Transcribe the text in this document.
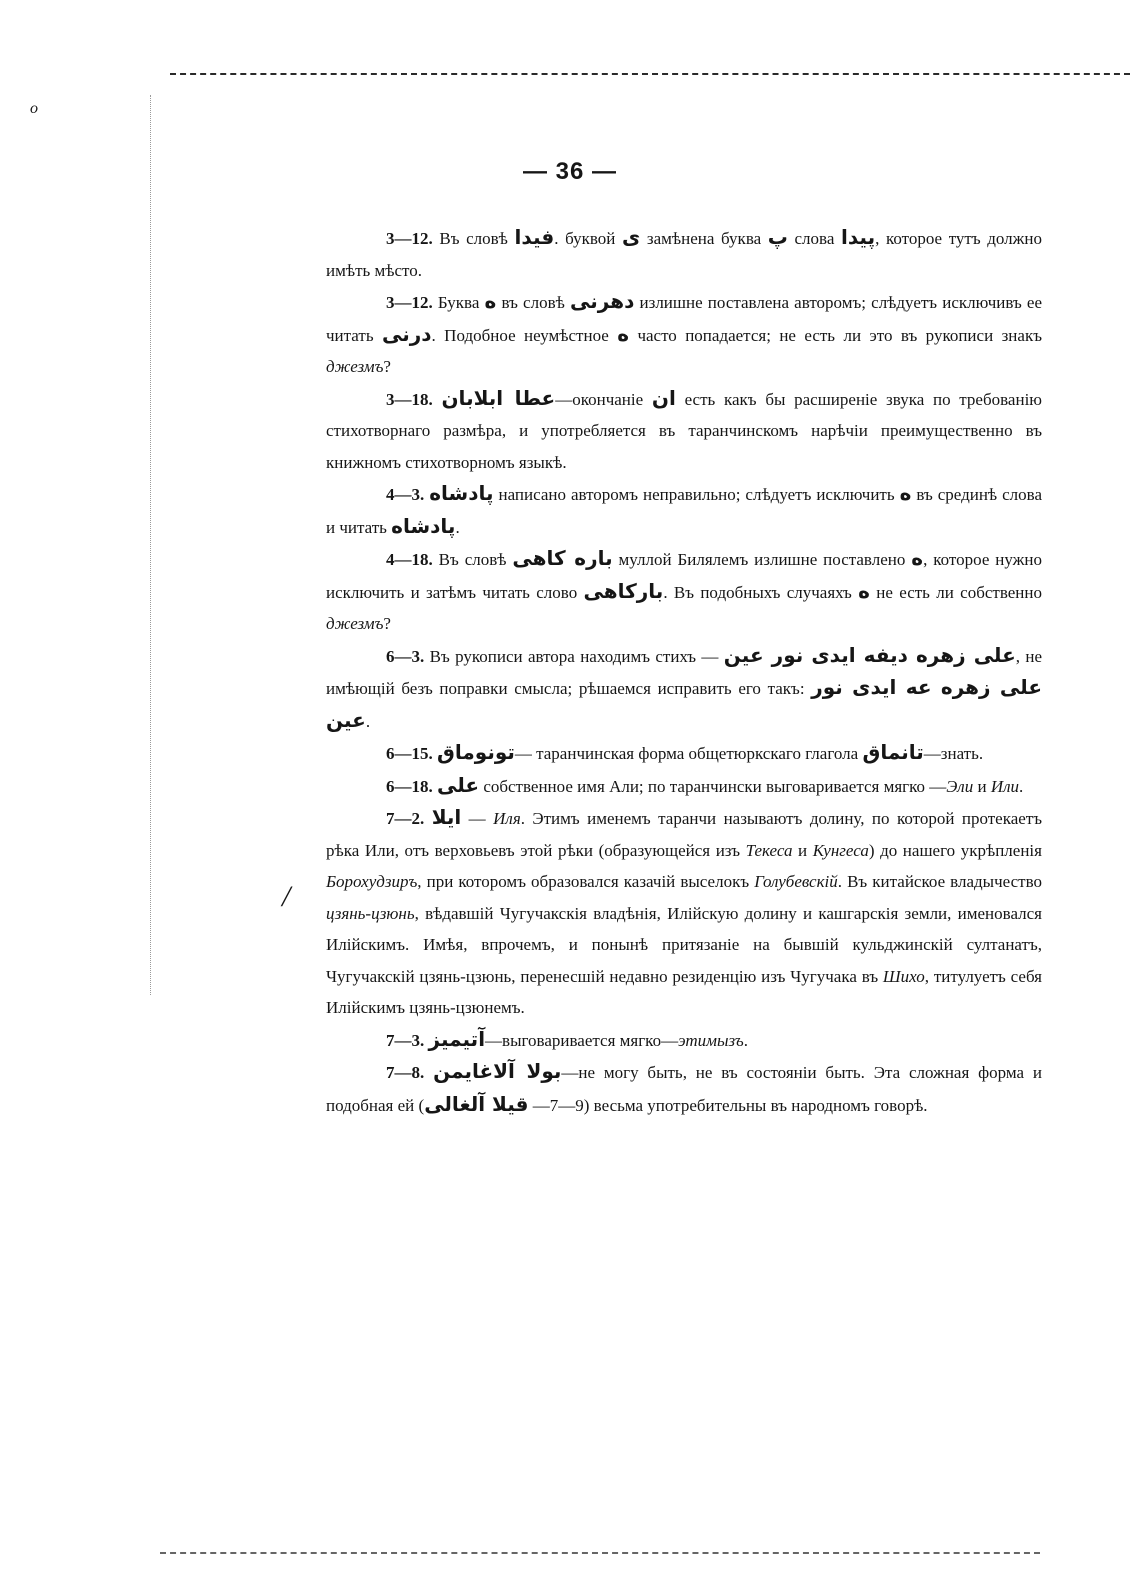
o
/
— 36 —

3—12. Въ словѣ فیدا. буквой ی замѣнена буква پ слова پیدا, которое тутъ должно имѣть мѣсто.

3—12. Буква ه въ словѣ دهرنی излишне поставлена авторомъ; слѣдуетъ исключивъ ее читать درنی. Подобное неумѣстное ه часто попадается; не есть ли это въ рукописи знакъ джезмъ?

3—18. عطا ابلابان—окончаніе ان есть какъ бы расширеніе звука по требованію стихотворнаго размѣра, и употребляется въ таранчинскомъ нарѣчіи преимущественно въ книжномъ стихотворномъ языкѣ.

4—3. پادشاه написано авторомъ неправильно; слѣдуетъ исключить ه въ срединѣ слова и читать پادشاه.

4—18. Въ словѣ باره کاهی муллой Билялемъ излишне поставлено ه, которое нужно исключить и затѣмъ читать слово بارکاهی. Въ подобныхъ случаяхъ ه не есть ли собственно джезмъ?

6—3. Въ рукописи автора находимъ стихъ — علی زهره دیفه ایدی نور عین, не имѣющій безъ поправки смысла; рѣшаемся исправить его такъ: علی زهره عه ایدی نور عین.

6—15. تونوماق— таранчинская форма общетюркскаго глагола تانماق—знать.

6—18. علی собственное имя Али; по таранчински выговаривается мягко —Эли и Или.

7—2. ایلا — Иля. Этимъ именемъ таранчи называютъ долину, по которой протекаетъ рѣка Или, отъ верховьевъ этой рѣки (образующейся изъ Текеса и Кунгеса) до нашего укрѣпленія Борохудзиръ, при которомъ образовался казачій выселокъ Голубевскій. Въ китайское владычество цзянь-цзюнь, вѣдавшій Чугучакскія владѣнія, Илійскую долину и кашгарскія земли, именовался Илійскимъ. Имѣя, впрочемъ, и понынѣ притязаніе на бывшій кульджинскій султанатъ, Чугучакскій цзянь-цзюнь, перенесшій недавно резиденцію изъ Чугучака въ Шихо, титулуетъ себя Илійскимъ цзянь-цзюнемъ.

7—3. آتیمیز—выговаривается мягко—этимызъ.

7—8. بولا آلاغایمن—не могу быть, не въ состояніи быть. Эта сложная форма и подобная ей (قیلا آلغالی —7—9) весьма употребительны въ народномъ говорѣ.
